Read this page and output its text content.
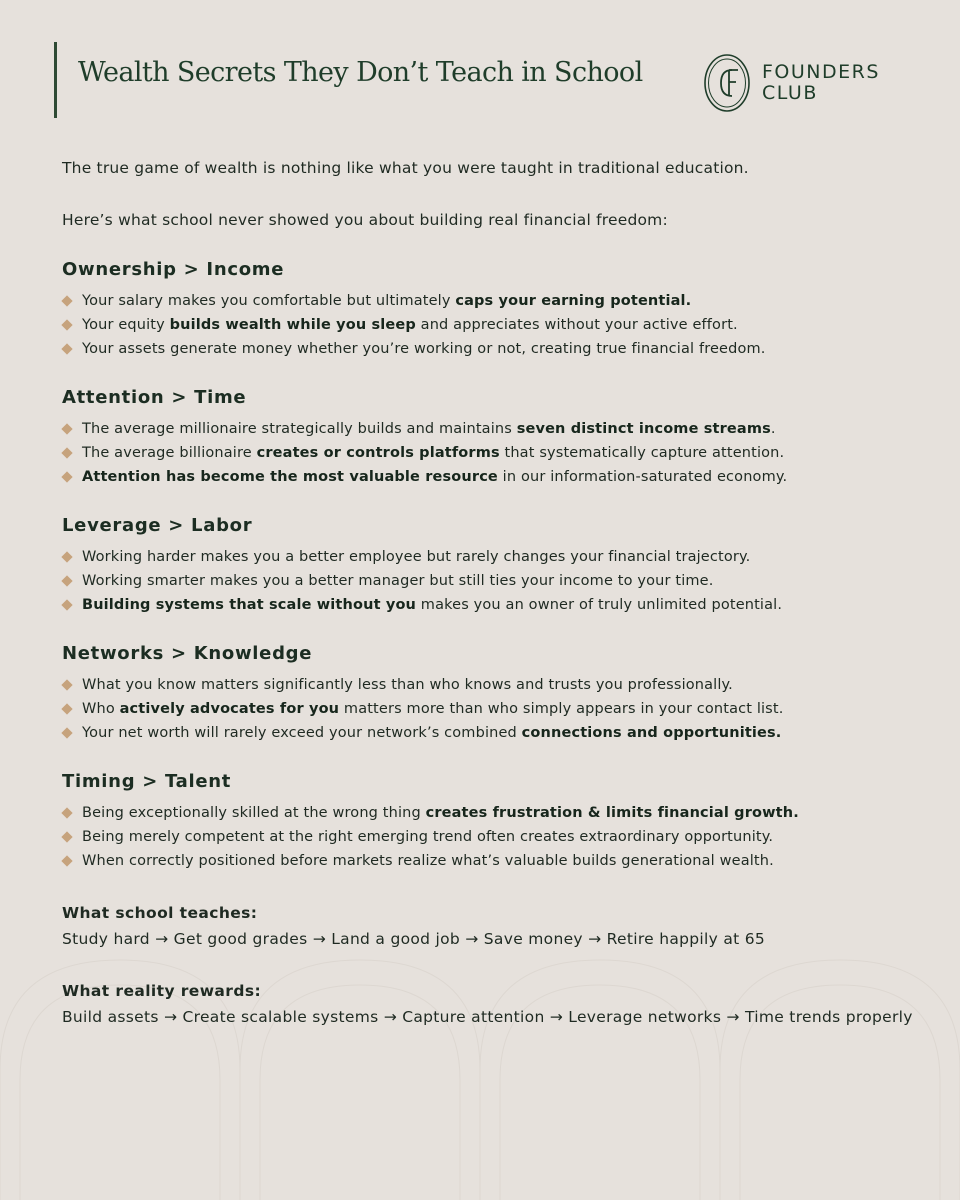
Wealth Secrets They Don’t Teach in School	FOUNDERS
CLUB

The true game of wealth is nothing like what you were taught in traditional education.

Here’s what school never showed you about building real financial freedom:

Ownership > Income
Your salary makes you comfortable but ultimately caps your earning potential.
Your equity builds wealth while you sleep and appreciates without your active effort.
Your assets generate money whether you’re working or not, creating true financial freedom.
Attention > Time
The average millionaire strategically builds and maintains seven distinct income streams.
The average billionaire creates or controls platforms that systematically capture attention.
Attention has become the most valuable resource in our information-saturated economy.
Leverage > Labor
Working harder makes you a better employee but rarely changes your financial trajectory.
Working smarter makes you a better manager but still ties your income to your time.
Building systems that scale without you makes you an owner of truly unlimited potential.
Networks > Knowledge
What you know matters significantly less than who knows and trusts you professionally.
Who actively advocates for you matters more than who simply appears in your contact list.
Your net worth will rarely exceed your network’s combined connections and opportunities.
Timing > Talent
Being exceptionally skilled at the wrong thing creates frustration & limits financial growth.
Being merely competent at the right emerging trend often creates extraordinary opportunity.
When correctly positioned before markets realize what’s valuable builds generational wealth.
What school teaches:

Study hard → Get good grades → Land a good job → Save money → Retire happily at 65

What reality rewards:

Build assets → Create scalable systems → Capture attention → Leverage networks → Time trends properly
